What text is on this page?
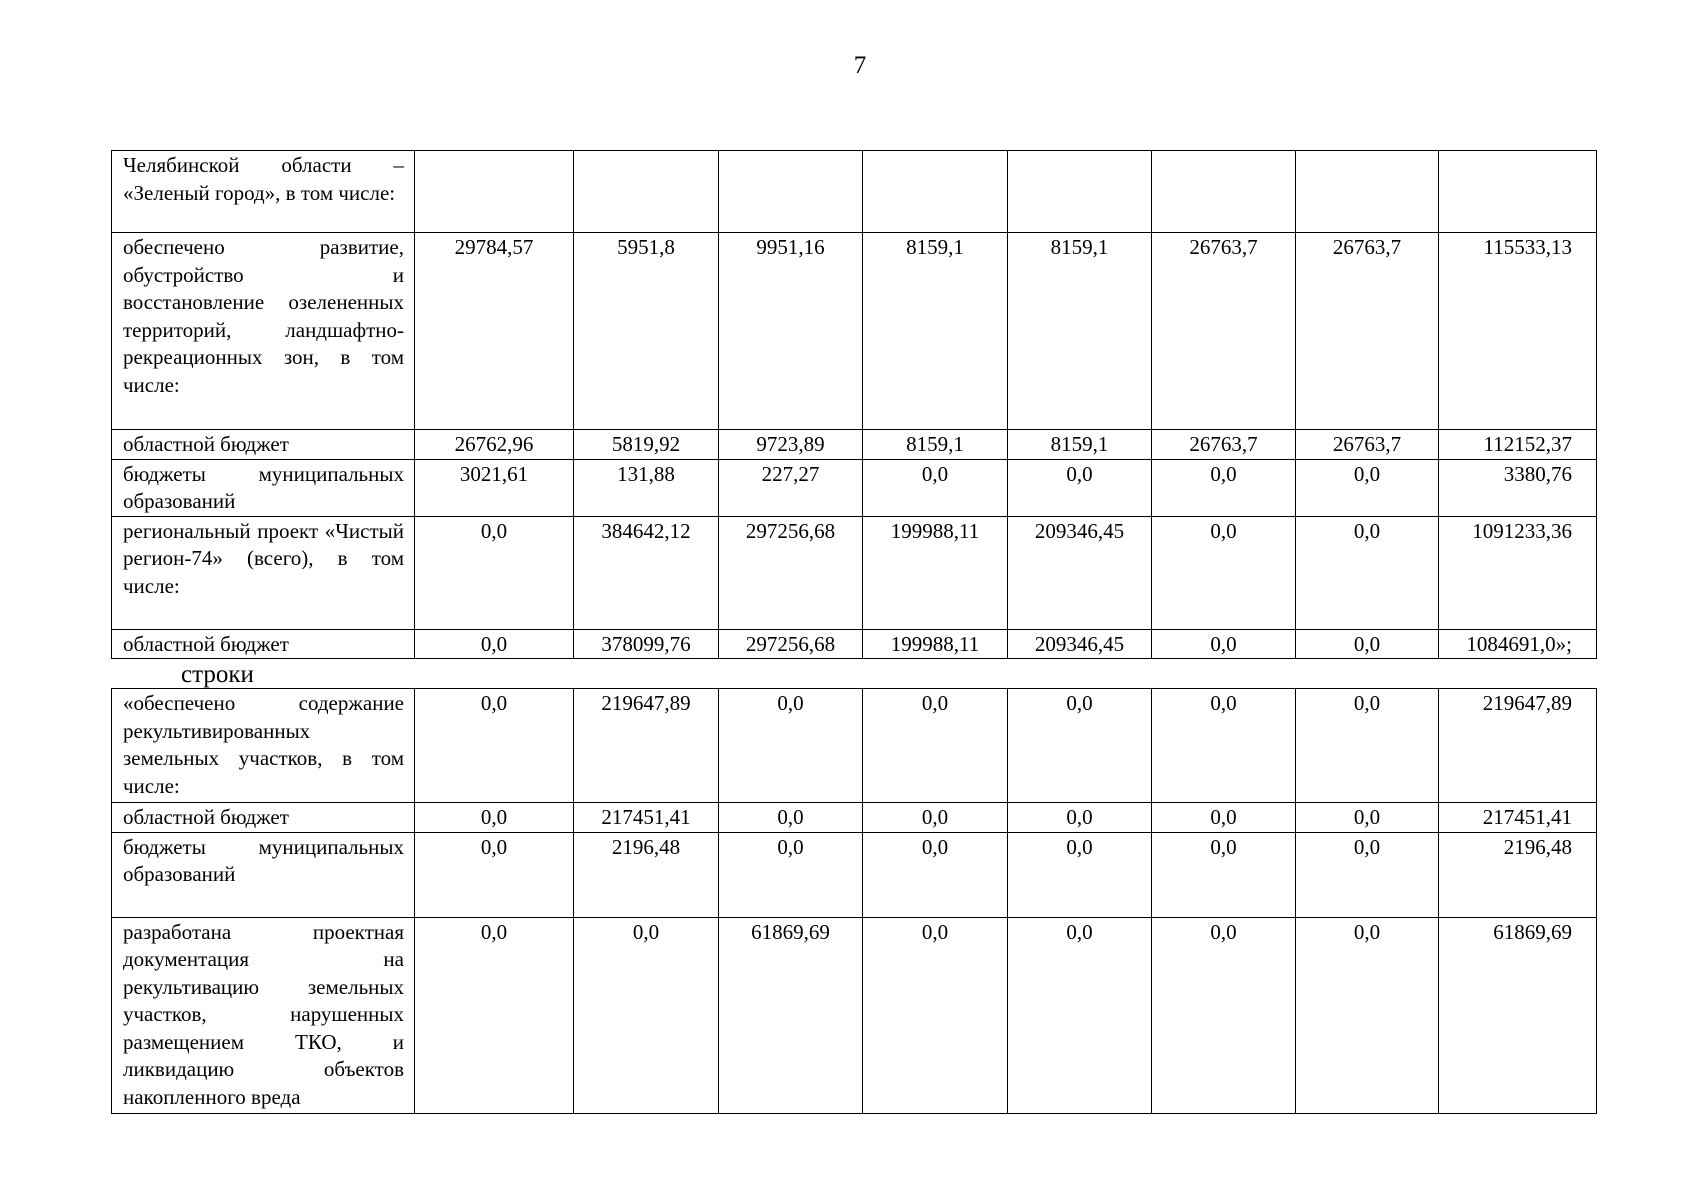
7
Челябинской области – «Зеленый город», в том числе:								
обеспечено развитие, обустройство и восстановление озелененных территорий, ландшафтно-рекреационных зон, в том числе:	29784,57	5951,8	9951,16	8159,1	8159,1	26763,7	26763,7	115533,13
областной бюджет	26762,96	5819,92	9723,89	8159,1	8159,1	26763,7	26763,7	112152,37
бюджеты муниципальных образований	3021,61	131,88	227,27	0,0	0,0	0,0	0,0	3380,76
региональный проект «Чистый регион-74» (всего), в том числе:	0,0	384642,12	297256,68	199988,11	209346,45	0,0	0,0	1091233,36
областной бюджет	0,0	378099,76	297256,68	199988,11	209346,45	0,0	0,0	1084691,0»;
строки
«обеспечено содержание рекультивированных земельных участков, в том числе:	0,0	219647,89	0,0	0,0	0,0	0,0	0,0	219647,89
областной бюджет	0,0	217451,41	0,0	0,0	0,0	0,0	0,0	217451,41
бюджеты муниципальных образований	0,0	2196,48	0,0	0,0	0,0	0,0	0,0	2196,48
разработана проектная документация на рекультивацию земельных участков, нарушенных размещением ТКО, и ликвидацию объектов накопленного вреда	0,0	0,0	61869,69	0,0	0,0	0,0	0,0	61869,69
